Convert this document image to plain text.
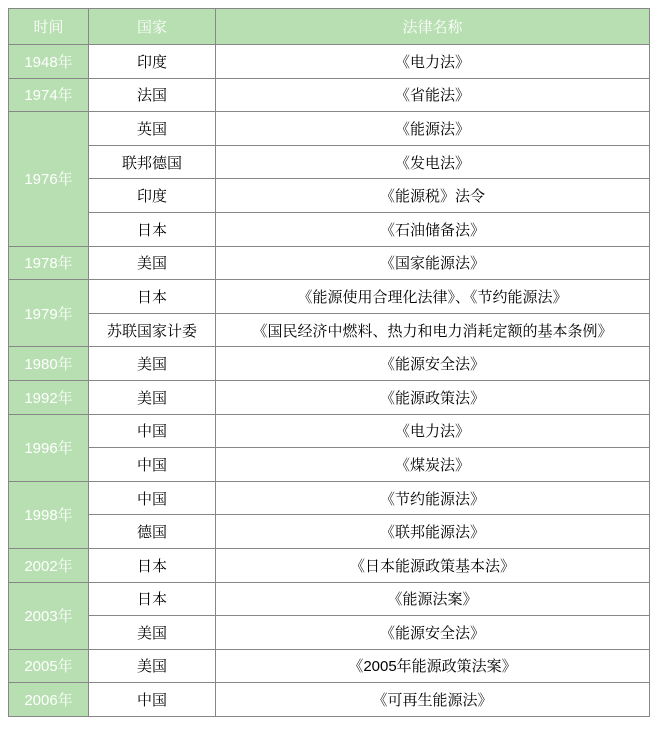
时间	国家	法律名称
1948年	印度	《电力法》
1974年	法国	《省能法》
1976年	英国	《能源法》
	联邦德国	《发电法》
	印度	《能源税》法令
	日本	《石油储备法》
1978年	美国	《国家能源法》
1979年	日本	《能源使用合理化法律》、《节约能源法》
	苏联国家计委	《国民经济中燃料、热力和电力消耗定额的基本条例》
1980年	美国	《能源安全法》
1992年	美国	《能源政策法》
1996年	中国	《电力法》
	中国	《煤炭法》
1998年	中国	《节约能源法》
	德国	《联邦能源法》
2002年	日本	《日本能源政策基本法》
2003年	日本	《能源法案》
	美国	《能源安全法》
2005年	美国	《2005年能源政策法案》
2006年	中国	《可再生能源法》
